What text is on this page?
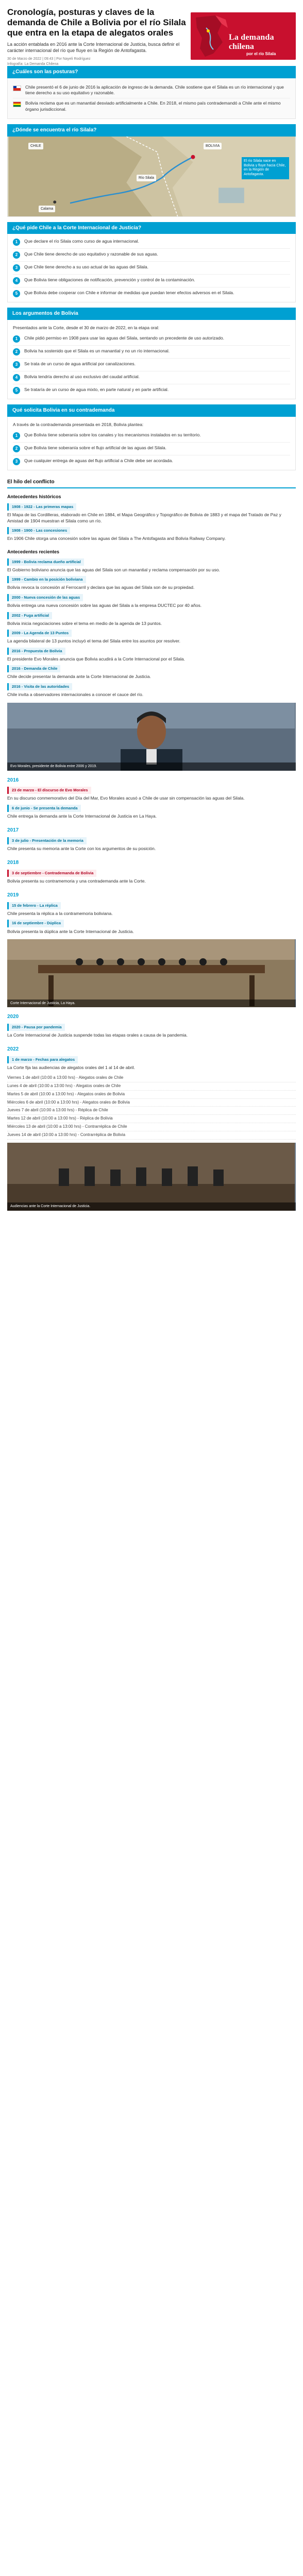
Cronología, posturas y claves de la demanda de Chile a Bolivia por el río Silala que entra en la etapa de alegatos orales

La acción entablada en 2016 ante la Corte Internacional de Justicia, busca definir el carácter internacional del río que fluye en la Región de Antofagasta.

30 de Marzo de 2022 | 09:43 | Por Nayeli Rodríguez

Infografía: La Demanda Chilena

La demanda
chilena
por el río Silala
¿Cuáles son las posturas?
Chile presentó el 6 de junio de 2016 la aplicación de ingreso de la demanda. Chile sostiene que el Silala es un río internacional y que tiene derecho a su uso equitativo y razonable.
Bolivia reclama que es un manantial desviado artificialmente a Chile. En 2018, el mismo país contrademandó a Chile ante el mismo órgano jurisdiccional.
¿Dónde se encuentra el río Silala?
BOLIVIA
CHILE
Río Silala
Calama
El río Silala nace en Bolivia y fluye hacia Chile, en la Región de Antofagasta.
¿Qué pide Chile a la Corte Internacional de Justicia?
1	Que declare el río Silala como curso de agua internacional.
2	Que Chile tiene derecho de uso equitativo y razonable de sus aguas.
3	Que Chile tiene derecho a su uso actual de las aguas del Silala.
4	Que Bolivia tiene obligaciones de notificación, prevención y control de la contaminación.
5	Que Bolivia debe cooperar con Chile e informar de medidas que puedan tener efectos adversos en el Silala.
Los argumentos de Bolivia

Presentados ante la Corte, desde el 30 de marzo de 2022, en la etapa oral:

1	Chile pidió permiso en 1908 para usar las aguas del Silala, sentando un precedente de uso autorizado.
2	Bolivia ha sostenido que el Silala es un manantial y no un río internacional.
3	Se trata de un curso de agua artificial por canalizaciones.
4	Bolivia tendría derecho al uso exclusivo del caudal artificial.
5	Se trataría de un curso de agua mixto, en parte natural y en parte artificial.
Qué solicita Bolivia en su contrademanda

A través de la contrademanda presentada en 2018, Bolivia plantea:

1	Que Bolivia tiene soberanía sobre los canales y los mecanismos instalados en su territorio.
2	Que Bolivia tiene soberanía sobre el flujo artificial de las aguas del Silala.
3	Que cualquier entrega de aguas del flujo artificial a Chile debe ser acordada.
El hilo del conflicto
Antecedentes históricos
1908 - 1922 - Las primeras mapas

El Mapa de las Cordilleras, elaborado en Chile en 1884, el Mapa Geográfico y Topográfico de Bolivia de 1883 y el mapa del Tratado de Paz y Amistad de 1904 muestran el Silala como un río.

1908 - 1900 - Las concesiones

En 1906 Chile otorga una concesión sobre las aguas del Silala a The Antofagasta and Bolivia Railway Company.

Antecedentes recientes
1999 - Bolivia reclama dueño artificial

El Gobierno boliviano anuncia que las aguas del Silala son un manantial y reclama compensación por su uso.

1999 - Cambio en la posición boliviana

Bolivia revoca la concesión al Ferrocarril y declara que las aguas del Silala son de su propiedad.

2000 - Nueva concesión de las aguas

Bolivia entrega una nueva concesión sobre las aguas del Silala a la empresa DUCTEC por 40 años.

2002 - Fuga artificial

Bolivia inicia negociaciones sobre el tema en medio de la agenda de 13 puntos.

2009 - La Agenda de 13 Puntos

La agenda bilateral de 13 puntos incluyó el tema del Silala entre los asuntos por resolver.

2016 - Propuesta de Bolivia

El presidente Evo Morales anuncia que Bolivia acudirá a la Corte Internacional por el Silala.

2016 - Demanda de Chile

Chile decide presentar la demanda ante la Corte Internacional de Justicia.

2016 - Visita de las autoridades

Chile invita a observadores internacionales a conocer el cauce del río.

Evo Morales, presidente de Bolivia entre 2006 y 2019.
2016
23 de marzo - El discurso de Evo Morales

En su discurso conmemorativo del Día del Mar, Evo Morales acusó a Chile de usar sin compensación las aguas del Silala.

6 de junio - Se presenta la demanda

Chile entrega la demanda ante la Corte Internacional de Justicia en La Haya.

2017
3 de julio - Presentación de la memoria

Chile presenta su memoria ante la Corte con los argumentos de su posición.

2018
3 de septiembre - Contrademanda de Bolivia

Bolivia presenta su contramemoria y una contrademanda ante la Corte.

2019
15 de febrero - La réplica

Chile presenta la réplica a la contramemoria boliviana.

16 de septiembre - Dúplica

Bolivia presenta la dúplica ante la Corte Internacional de Justicia.

Corte Internacional de Justicia, La Haya.
2020
2020 - Pausa por pandemia

La Corte Internacional de Justicia suspende todas las etapas orales a causa de la pandemia.

2022
1 de marzo - Fechas para alegatos

La Corte fija las audiencias de alegatos orales del 1 al 14 de abril.

Viernes 1 de abril (10:00 a 13:00 hrs) - Alegatos orales de Chile
Lunes 4 de abril (10:00 a 13:00 hrs) - Alegatos orales de Chile
Martes 5 de abril (10:00 a 13:00 hrs) - Alegatos orales de Bolivia
Miércoles 6 de abril (10:00 a 13:00 hrs) - Alegatos orales de Bolivia
Jueves 7 de abril (10:00 a 13:00 hrs) - Réplica de Chile
Martes 12 de abril (10:00 a 13:00 hrs) - Réplica de Bolivia
Miércoles 13 de abril (10:00 a 13:00 hrs) - Contrarréplica de Chile
Jueves 14 de abril (10:00 a 13:00 hrs) - Contrarréplica de Bolivia
Audiencias ante la Corte Internacional de Justicia.
